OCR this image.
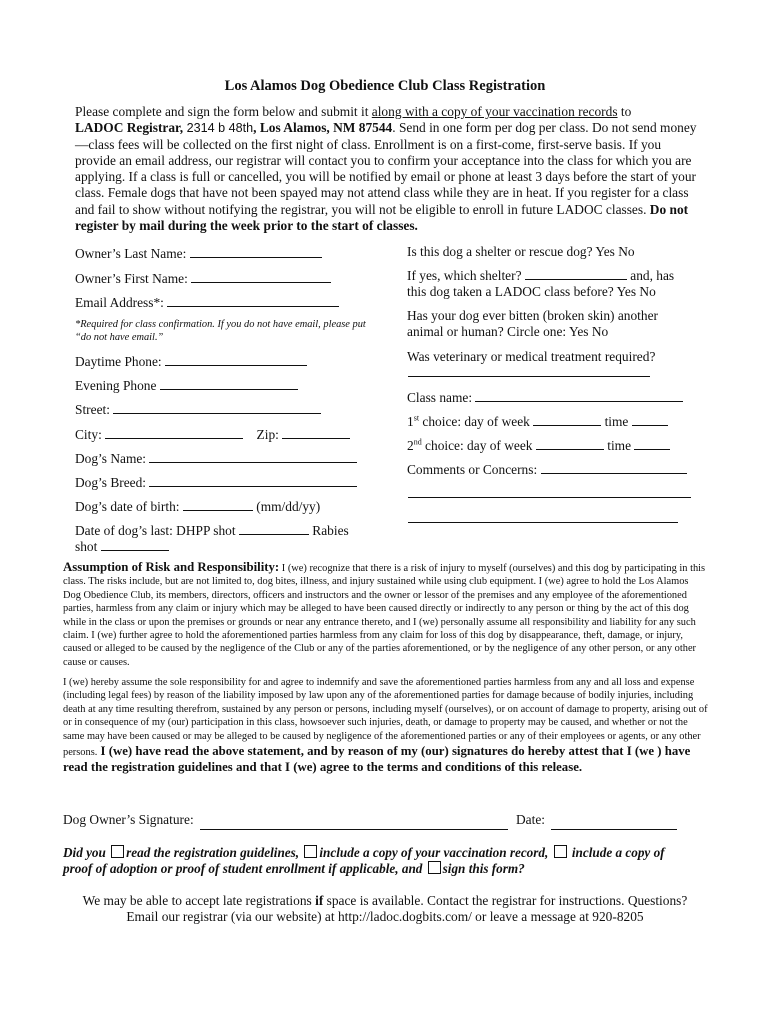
Los Alamos Dog Obedience Club Class Registration
Please complete and sign the form below and submit it along with a copy of your vaccination records to
LADOC Registrar, 2314 b 48th, Los Alamos, NM 87544. Send in one form per dog per class. Do not send money—class fees will be collected on the first night of class. Enrollment is on a first-come, first-serve basis. If you provide an email address, our registrar will contact you to confirm your acceptance into the class for which you are applying. If a class is full or cancelled, you will be notified by email or phone at least 3 days before the start of your class. Female dogs that have not been spayed may not attend class while they are in heat. If you register for a class and fail to show without notifying the registrar, you will not be eligible to enroll in future LADOC classes. Do not register by mail during the week prior to the start of classes.
Owner’s Last Name:
Owner’s First Name:
Email Address*:
*Required for class confirmation. If you do not have email, please put “do not have email.”
Daytime Phone:
Evening Phone
Street:
City:	Zip:
Dog’s Name:
Dog’s Breed:
Dog’s date of birth:	(mm/dd/yy)
Date of dog’s last: DHPP shot	Rabies
shot
Is this dog a shelter or rescue dog? Yes No
If yes, which shelter?	and, has
this dog taken a LADOC class before? Yes No
Has your dog ever bitten (broken skin) another
animal or human? Circle one: Yes No
Was veterinary or medical treatment required?
Class name:
1st choice: day of week	time
2nd choice: day of week	time
Comments or Concerns:
Assumption of Risk and Responsibility: I (we) recognize that there is a risk of injury to myself (ourselves) and this dog by participating in this class. The risks include, but are not limited to, dog bites, illness, and injury sustained while using club equipment. I (we) agree to hold the Los Alamos Dog Obedience Club, its members, directors, officers and instructors and the owner or lessor of the premises and any employee of the aforementioned parties, harmless from any claim or injury which may be alleged to have been caused directly or indirectly to any person or thing by the act of this dog while in the class or upon the premises or grounds or near any entrance thereto, and I (we) personally assume all responsibility and liability for any such claim. I (we) further agree to hold the aforementioned parties harmless from any claim for loss of this dog by disappearance, theft, damage, or injury, caused or alleged to be caused by the negligence of the Club or any of the parties aforementioned, or by the negligence of any other person, or any other cause or causes.
I (we) hereby assume the sole responsibility for and agree to indemnify and save the aforementioned parties harmless from any and all loss and expense (including legal fees) by reason of the liability imposed by law upon any of the aforementioned parties for damage because of bodily injuries, including death at any time resulting therefrom, sustained by any person or persons, including myself (ourselves), or on account of damage to property, arising out of or in consequence of my (our) participation in this class, howsoever such injuries, death, or damage to property may be caused, and whether or not the same may have been caused or may be alleged to be caused by negligence of the aforementioned parties or any of their employees or agents, or any other persons. I (we) have read the above statement, and by reason of my (our) signatures do hereby attest that I (we ) have read the registration guidelines and that I (we) agree to the terms and conditions of this release.
Dog Owner’s Signature:	Date:
Did you read the registration guidelines, include a copy of your vaccination record, include a copy of
proof of adoption or proof of student enrollment if applicable, and sign this form?
We may be able to accept late registrations if space is available. Contact the registrar for instructions. Questions?
Email our registrar (via our website) at http://ladoc.dogbits.com/ or leave a message at 920-8205
